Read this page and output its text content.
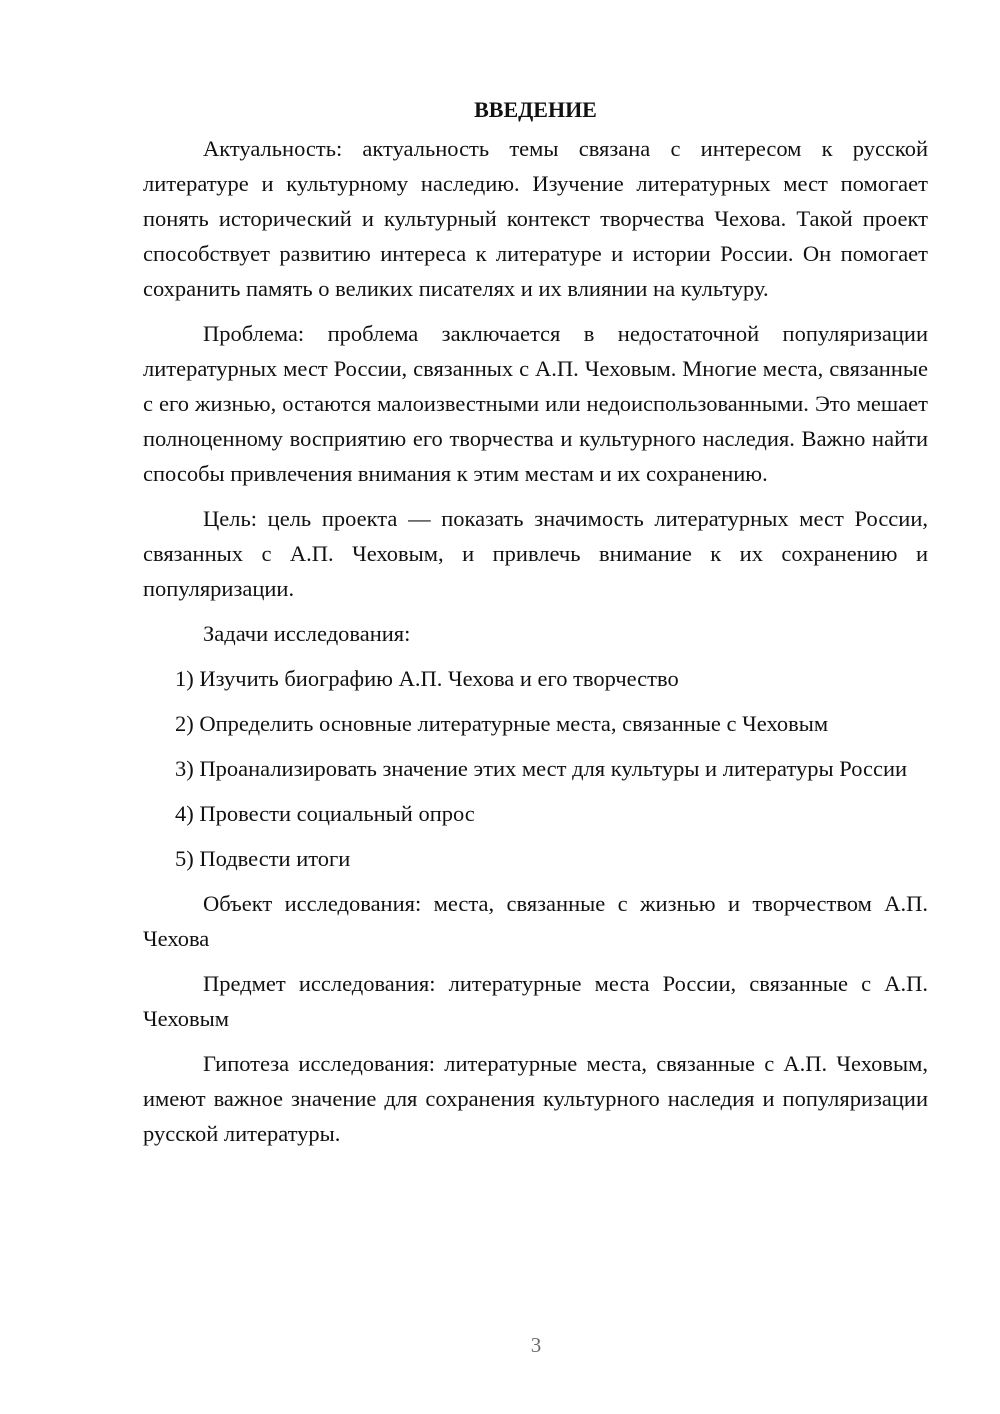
ВВЕДЕНИЕ

Актуальность: актуальность темы связана с интересом к русской литературе и культурному наследию. Изучение литературных мест помогает понять исторический и культурный контекст творчества Чехова. Такой проект способствует развитию интереса к литературе и истории России. Он помогает сохранить память о великих писателях и их влиянии на культуру.

Проблема: проблема заключается в недостаточной популяризации литературных мест России, связанных с А.П. Чеховым. Многие места, связанные с его жизнью, остаются малоизвестными или недоиспользованными. Это мешает полноценному восприятию его творчества и культурного наследия. Важно найти способы привлечения внимания к этим местам и их сохранению.

Цель: цель проекта — показать значимость литературных мест России, связанных с А.П. Чеховым, и привлечь внимание к их сохранению и популяризации.

Задачи исследования:

1) Изучить биографию А.П. Чехова и его творчество

2) Определить основные литературные места, связанные с Чеховым

3) Проанализировать значение этих мест для культуры и литературы России

4) Провести социальный опрос

5) Подвести итоги

Объект исследования: места, связанные с жизнью и творчеством А.П. Чехова

Предмет исследования: литературные места России, связанные с А.П. Чеховым

Гипотеза исследования: литературные места, связанные с А.П. Чеховым, имеют важное значение для сохранения культурного наследия и популяризации русской литературы.

3
